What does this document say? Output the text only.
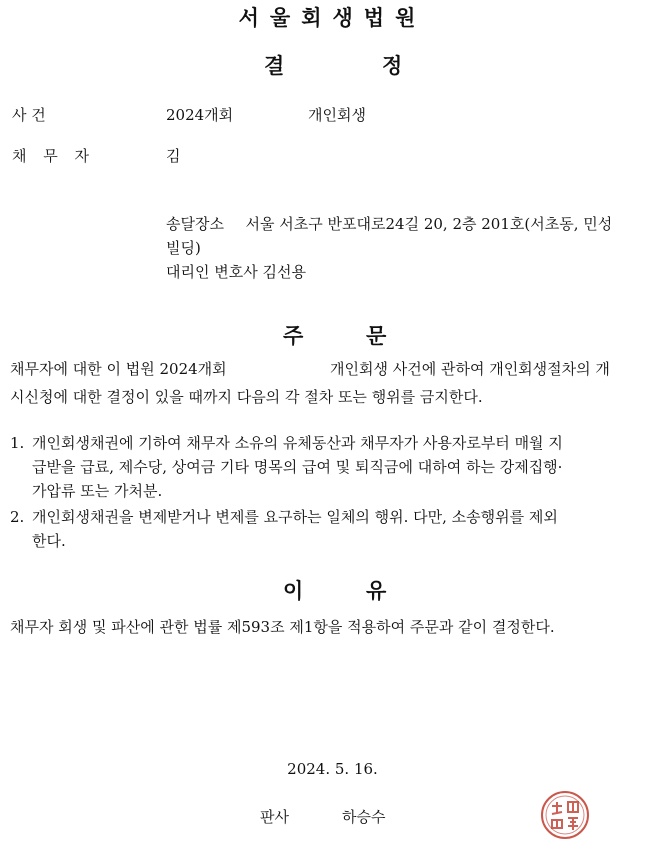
서울회생법원
결	정
사 건	2024개회	개인회생
채 무 자	김
송달장소 서울 서초구 반포대로24길 20, 2층 201호(서초동, 민성
빌딩)
대리인 변호사 김선용
주	문
채무자에 대한 이 법원 2024개회	개인회생 사건에 관하여 개인회생절차의 개
시신청에 대한 결정이 있을 때까지 다음의 각 절차 또는 행위를 금지한다.
1. 개인회생채권에 기하여 채무자 소유의 유체동산과 채무자가 사용자로부터 매월 지
급받을 급료, 제수당, 상여금 기타 명목의 급여 및 퇴직금에 대하여 하는 강제집행·
가압류 또는 가처분.
2. 개인회생채권을 변제받거나 변제를 요구하는 일체의 행위. 다만, 소송행위를 제외
한다.
이	유
채무자 회생 및 파산에 관한 법률 제593조 제1항을 적용하여 주문과 같이 결정한다.
2024. 5. 16.
판사	하승수
